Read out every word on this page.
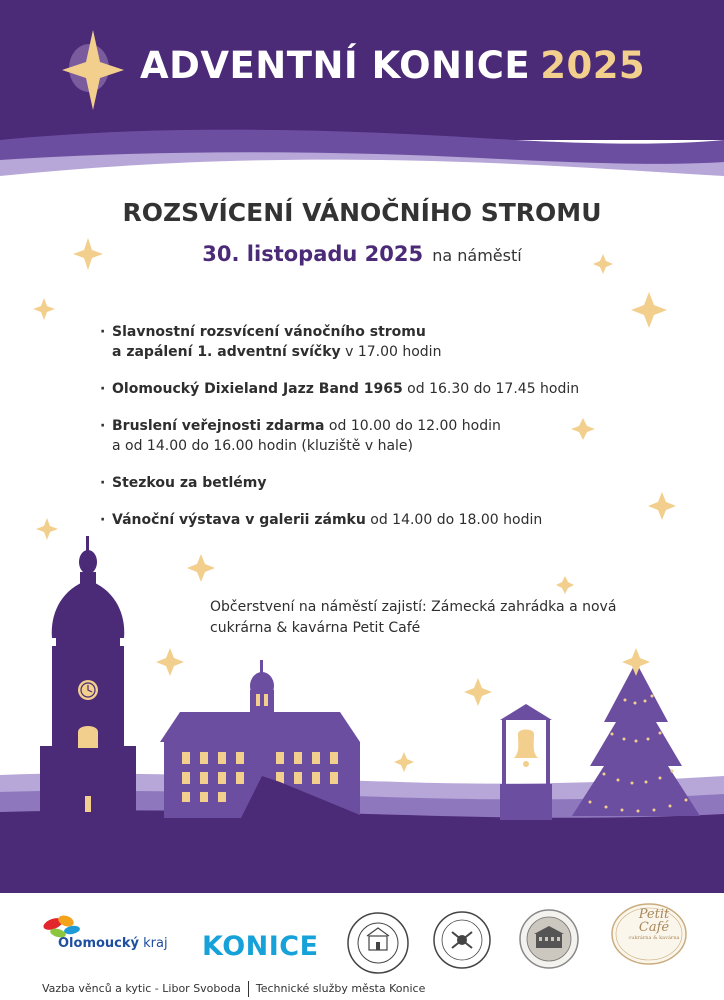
ADVENTNÍ KONICE 2025
ROZSVÍCENÍ VÁNOČNÍHO STROMU
30. listopadu 2025 na náměstí
· Slavnostní rozsvícení vánočního stromu
a zapálení 1. adventní svíčky v 17.00 hodin
· Olomoucký Dixieland Jazz Band 1965 od 16.30 do 17.45 hodin
· Bruslení veřejnosti zdarma od 10.00 do 12.00 hodin
a od 14.00 do 16.00 hodin (kluziště v hale)
· Stezkou za betlémy
· Vánoční výstava v galerii zámku od 14.00 do 18.00 hodin
Občerstvení na náměstí zajistí: Zámecká zahrádka a nová cukrárna & kavárna Petit Café
Olomoucký kraj KONICE
Petit Café
cukrárna & kavárna
Vazba věnců a kytic - Libor Svoboda Technické služby města Konice
